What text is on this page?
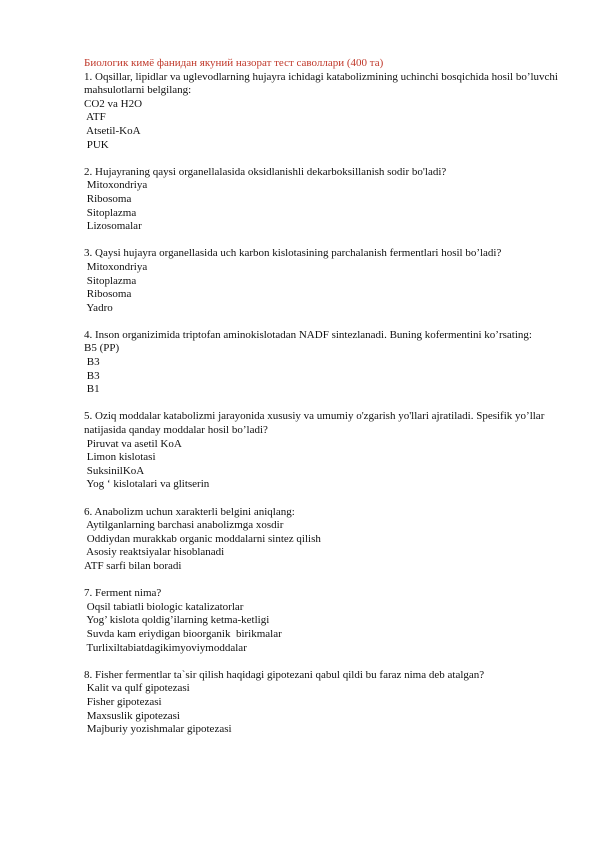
Биологик кимё фанидан якуний назорат тест саволлари (400 та)

1. Oqsillar, lipidlar va uglevodlarning hujayra ichidagi katabolizmining uchinchi bosqichida hosil bo’luvchi mahsulotlarni belgilang:

CO2 va H2O
ATF
Atsetil-KoA
PUK

2. Hujayraning qaysi organellalasida oksidlanishli dekarboksillanish sodir bo'ladi?

Mitoxondriya
Ribosoma
Sitoplazma
Lizosomalar

3. Qaysi hujayra organellasida uch karbon kislotasining parchalanish fermentlari hosil bo’ladi?

Mitoxondriya
Sitoplazma
Ribosoma
Yadro

4. Inson organizimida triptofan aminokislotadan NADF sintezlanadi. Buning kofermentini ko’rsating:

B5 (PP)
B3
B3
B1

5. Oziq moddalar katabolizmi jarayonida xususiy va umumiy o'zgarish yo'llari ajratiladi. Spesifik yo’llar natijasida qanday moddalar hosil bo’ladi?

Piruvat va asetil KoA
Limon kislotasi
SuksinilKoA
Yog ‘ kislotalari va glitserin

6. Anabolizm uchun xarakterli belgini aniqlang:

Aytilganlarning barchasi anabolizmga xosdir
Oddiydan murakkab organic moddalarni sintez qilish
Asosiy reaktsiyalar hisoblanadi
ATF sarfi bilan boradi

7. Ferment nima?

Oqsil tabiatli biologic katalizatorlar
Yog’ kislota qoldig’ilarning ketma-ketligi
Suvda kam eriydigan bioorganik  birikmalar
Turlixiltabiatdagikimyoviymoddalar

8. Fisher fermentlar ta`sir qilish haqidagi gipotezani qabul qildi bu faraz nima deb atalgan?

Kalit va qulf gipotezasi
Fisher gipotezasi
Maxsuslik gipotezasi
Majburiy yozishmalar gipotezasi
